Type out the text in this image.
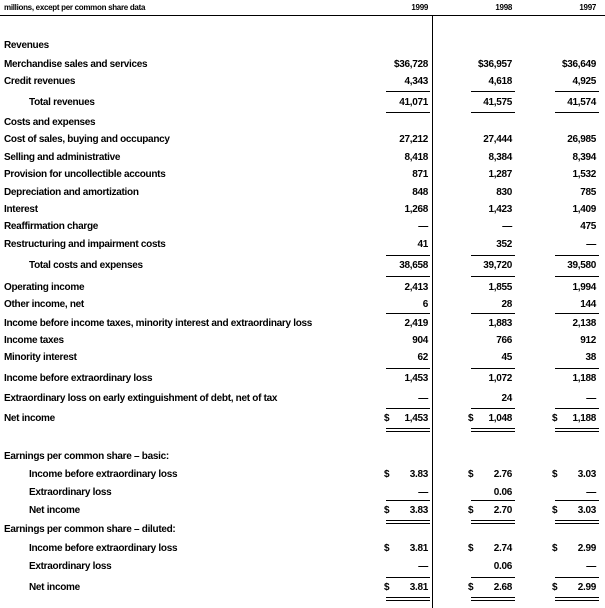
millions, except per common share data	1999	1998	1997
Revenues
Merchandise sales and services	$36,728	$36,957	$36,649
Credit revenues	4,343	4,618	4,925
Total revenues	41,071	41,575	41,574
Costs and expenses
Cost of sales, buying and occupancy	27,212	27,444	26,985
Selling and administrative	8,418	8,384	8,394
Provision for uncollectible accounts	871	1,287	1,532
Depreciation and amortization	848	830	785
Interest	1,268	1,423	1,409
Reaffirmation charge	—	—	475
Restructuring and impairment costs	41	352	—
Total costs and expenses	38,658	39,720	39,580
Operating income	2,413	1,855	1,994
Other income, net	6	28	144
Income before income taxes, minority interest and extraordinary loss	2,419	1,883	2,138
Income taxes	904	766	912
Minority interest	62	45	38
Income before extraordinary loss	1,453	1,072	1,188
Extraordinary loss on early extinguishment of debt, net of tax	—	24	—
Net income	$ 1,453	$ 1,048	$ 1,188
Earnings per common share – basic:
Income before extraordinary loss	$ 3.83	$ 2.76	$ 3.03
Extraordinary loss	—	0.06	—
Net income	$ 3.83	$ 2.70	$ 3.03
Earnings per common share – diluted:
Income before extraordinary loss	$ 3.81	$ 2.74	$ 2.99
Extraordinary loss	—	0.06	—
Net income	$ 3.81	$ 2.68	$ 2.99
